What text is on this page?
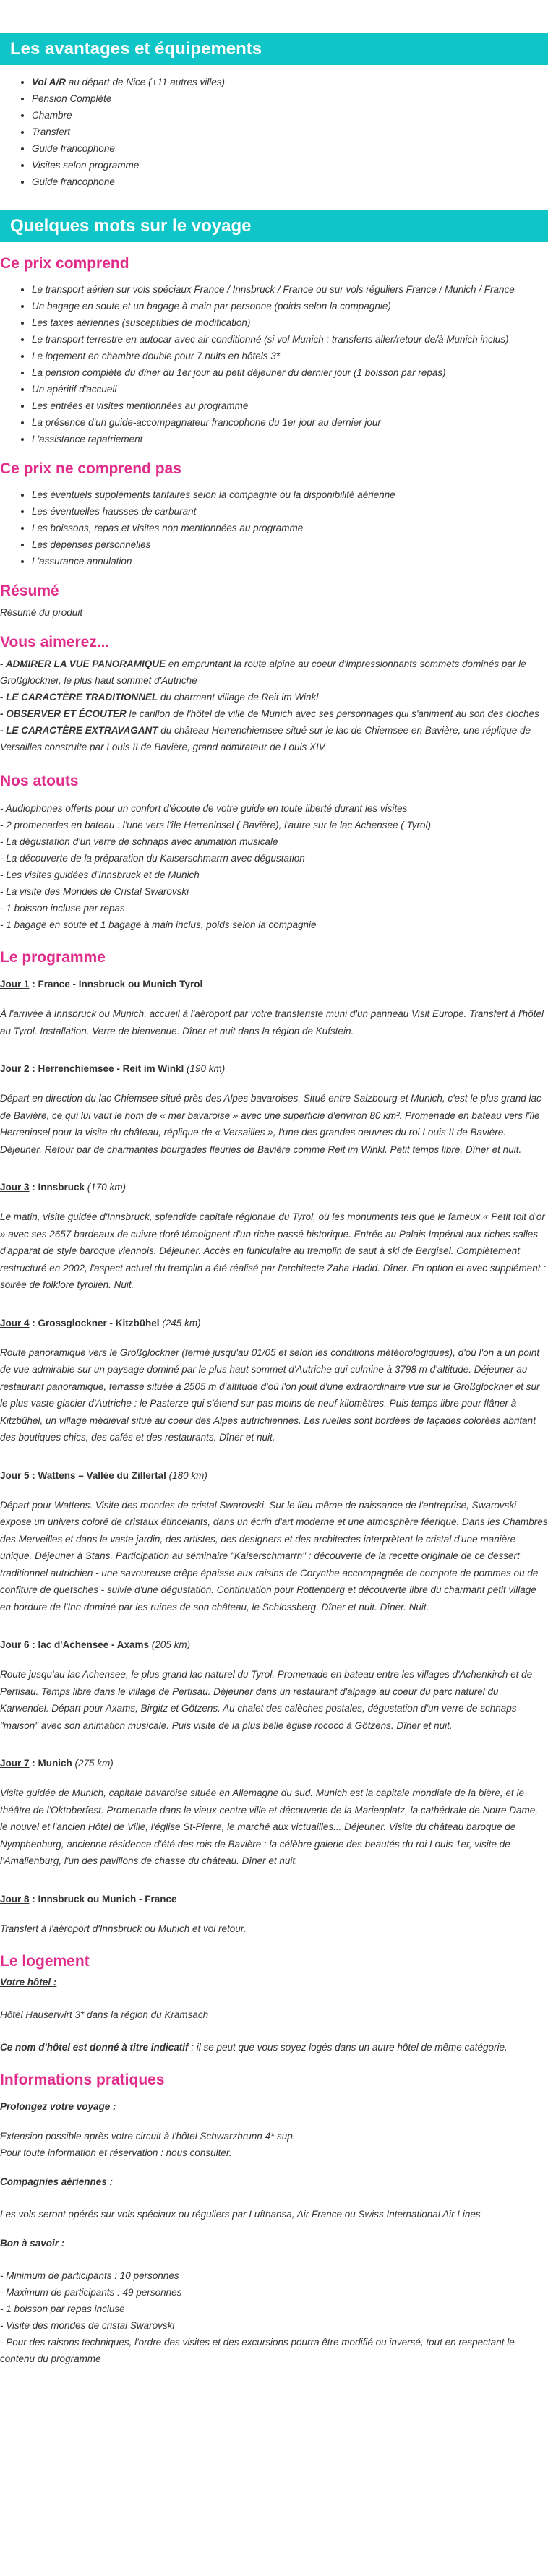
Les avantages et équipements
• Vol A/R au départ de Nice (+11 autres villes)
• Pension Complète
• Chambre
• Transfert
• Guide francophone
• Visites selon programme
• Guide francophone
Quelques mots sur le voyage
Ce prix comprend
• Le transport aérien sur vols spéciaux France / Innsbruck / France ou sur vols réguliers France / Munich / France
• Un bagage en soute et un bagage à main par personne (poids selon la compagnie)
• Les taxes aériennes (susceptibles de modification)
• Le transport terrestre en autocar avec air conditionné (si vol Munich : transferts aller/retour de/à Munich inclus)
• Le logement en chambre double pour 7 nuits en hôtels 3*
• La pension complète du dîner du 1er jour au petit déjeuner du dernier jour (1 boisson par repas)
• Un apéritif d'accueil
• Les entrées et visites mentionnées au programme
• La présence d'un guide-accompagnateur francophone du 1er jour au dernier jour
• L'assistance rapatriement
Ce prix ne comprend pas
• Les éventuels suppléments tarifaires selon la compagnie ou la disponibilité aérienne
• Les éventuelles hausses de carburant
• Les boissons, repas et visites non mentionnées au programme
• Les dépenses personnelles
• L'assurance annulation
Résumé

Résumé du produit

Vous aimerez...

- ADMIRER LA VUE PANORAMIQUE en empruntant la route alpine au coeur d'impressionnants sommets dominés par le Großglockner, le plus haut sommet d'Autriche

- LE CARACTÈRE TRADITIONNEL du charmant village de Reit im Winkl

- OBSERVER ET ÉCOUTER le carillon de l'hôtel de ville de Munich avec ses personnages qui s'animent au son des cloches

- LE CARACTÈRE EXTRAVAGANT du château Herrenchiemsee situé sur le lac de Chiemsee en Bavière, une réplique de Versailles construite par Louis II de Bavière, grand admirateur de Louis XIV

Nos atouts

- Audiophones offerts pour un confort d'écoute de votre guide en toute liberté durant les visites

- 2 promenades en bateau : l'une vers l'île Herreninsel ( Bavière), l'autre sur le lac Achensee ( Tyrol)

- La dégustation d'un verre de schnaps avec animation musicale

- La découverte de la préparation du Kaiserschmarrn avec dégustation

- Les visites guidées d'Innsbruck et de Munich

- La visite des Mondes de Cristal Swarovski

- 1 boisson incluse par repas

- 1 bagage en soute et 1 bagage à main inclus, poids selon la compagnie

Le programme

Jour 1 : France - Innsbruck ou Munich Tyrol

À l'arrivée à Innsbruck ou Munich, accueil à l'aéroport par votre transferiste muni d'un panneau Visit Europe. Transfert à l'hôtel au Tyrol. Installation. Verre de bienvenue. Dîner et nuit dans la région de Kufstein.

Jour 2 : Herrenchiemsee - Reit im Winkl (190 km)

Départ en direction du lac Chiemsee situé près des Alpes bavaroises. Situé entre Salzbourg et Munich, c'est le plus grand lac de Bavière, ce qui lui vaut le nom de « mer bavaroise » avec une superficie d'environ 80 km². Promenade en bateau vers l'île Herreninsel pour la visite du château, réplique de « Versailles », l'une des grandes oeuvres du roi Louis II de Bavière. Déjeuner. Retour par de charmantes bourgades fleuries de Bavière comme Reit im Winkl. Petit temps libre. Dîner et nuit.

Jour 3 : Innsbruck (170 km)

Le matin, visite guidée d'Innsbruck, splendide capitale régionale du Tyrol, où les monuments tels que le fameux « Petit toit d'or » avec ses 2657 bardeaux de cuivre doré témoignent d'un riche passé historique. Entrée au Palais Impérial aux riches salles d'apparat de style baroque viennois. Déjeuner. Accès en funiculaire au tremplin de saut à ski de Bergisel. Complètement restructuré en 2002, l'aspect actuel du tremplin a été réalisé par l'architecte Zaha Hadid. Dîner. En option et avec supplément : soirée de folklore tyrolien. Nuit.

Jour 4 : Grossglockner - Kitzbühel (245 km)

Route panoramique vers le Großglockner (fermé jusqu'au 01/05 et selon les conditions météorologiques), d'où l'on a un point de vue admirable sur un paysage dominé par le plus haut sommet d'Autriche qui culmine à 3798 m d'altitude. Déjeuner au restaurant panoramique, terrasse située à 2505 m d'altitude d'où l'on jouit d'une extraordinaire vue sur le Großglockner et sur le plus vaste glacier d'Autriche : le Pasterze qui s'étend sur pas moins de neuf kilomètres. Puis temps libre pour flâner à Kitzbühel, un village médiéval situé au coeur des Alpes autrichiennes. Les ruelles sont bordées de façades colorées abritant des boutiques chics, des cafés et des restaurants. Dîner et nuit.

Jour 5 : Wattens – Vallée du Zillertal (180 km)

Départ pour Wattens. Visite des mondes de cristal Swarovski. Sur le lieu même de naissance de l'entreprise, Swarovski expose un univers coloré de cristaux étincelants, dans un écrin d'art moderne et une atmosphère féerique. Dans les Chambres des Merveilles et dans le vaste jardin, des artistes, des designers et des architectes interprètent le cristal d'une manière unique. Déjeuner à Stans. Participation au séminaire "Kaiserschmarrn" : découverte de la recette originale de ce dessert traditionnel autrichien - une savoureuse crêpe épaisse aux raisins de Corynthe accompagnée de compote de pommes ou de confiture de quetsches - suivie d'une dégustation. Continuation pour Rottenberg et découverte libre du charmant petit village en bordure de l'Inn dominé par les ruines de son château, le Schlossberg. Dîner et nuit. Dîner. Nuit.

Jour 6 : lac d'Achensee - Axams (205 km)

Route jusqu'au lac Achensee, le plus grand lac naturel du Tyrol. Promenade en bateau entre les villages d'Achenkirch et de Pertisau. Temps libre dans le village de Pertisau. Déjeuner dans un restaurant d'alpage au coeur du parc naturel du Karwendel. Départ pour Axams, Birgitz et Götzens. Au chalet des calèches postales, dégustation d'un verre de schnaps "maison" avec son animation musicale. Puis visite de la plus belle église rococo à Götzens. Dîner et nuit.

Jour 7 : Munich (275 km)

Visite guidée de Munich, capitale bavaroise située en Allemagne du sud. Munich est la capitale mondiale de la bière, et le théâtre de l'Oktoberfest. Promenade dans le vieux centre ville et découverte de la Marienplatz, la cathédrale de Notre Dame, le nouvel et l'ancien Hôtel de Ville, l'église St-Pierre, le marché aux victuailles... Déjeuner. Visite du château baroque de Nymphenburg, ancienne résidence d'été des rois de Bavière : la célèbre galerie des beautés du roi Louis 1er, visite de l'Amalienburg, l'un des pavillons de chasse du château. Dîner et nuit.

Jour 8 : Innsbruck ou Munich - France

Transfert à l'aéroport d'Innsbruck ou Munich et vol retour.

Le logement

Votre hôtel :

Hôtel Hauserwirt 3* dans la région du Kramsach

Ce nom d'hôtel est donné à titre indicatif ; il se peut que vous soyez logés dans un autre hôtel de même catégorie.

Informations pratiques

Prolongez votre voyage :

Extension possible après votre circuit à l'hôtel Schwarzbrunn 4* sup.

Pour toute information et réservation : nous consulter.

Compagnies aériennes :

Les vols seront opérés sur vols spéciaux ou réguliers par Lufthansa, Air France ou Swiss International Air Lines

Bon à savoir :

- Minimum de participants : 10 personnes

- Maximum de participants : 49 personnes

- 1 boisson par repas incluse

- Visite des mondes de cristal Swarovski

- Pour des raisons techniques, l'ordre des visites et des excursions pourra être modifié ou inversé, tout en respectant le contenu du programme
